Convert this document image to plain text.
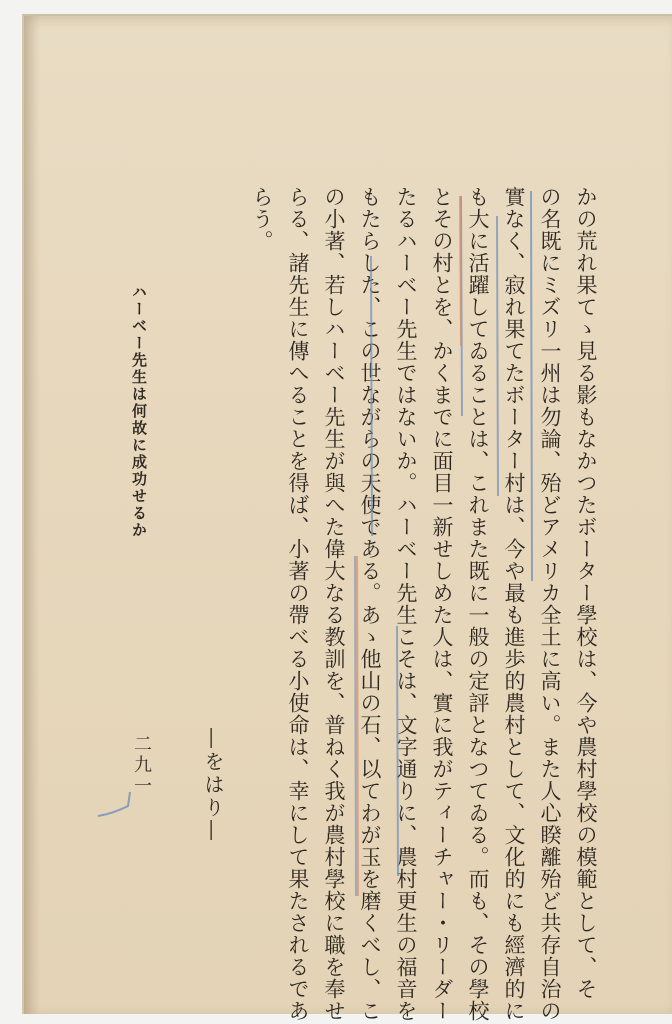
かの荒れ果てゝ見る影もなかつたボーター學校は、今や農村學校の模範として、そ

の名既にミズリ一州は勿論、殆どアメリカ全土に高い。また人心睽離殆ど共存自治の

實なく、寂れ果てたボーター村は、今や最も進歩的農村として、文化的にも經濟的に

も大に活躍してゐることは、これまた既に一般の定評となつてゐる。而も、その學校

とその村とを、かくまでに面目一新せしめた人は、實に我がティーチャー・リーダー

たるハーベー先生ではないか。ハーベー先生こそは、文字通りに、農村更生の福音を

もたらした、この世ながらの天使である。あゝ他山の石、以てわが玉を磨くべし、こ

の小著、若しハーベー先生が與へた偉大なる教訓を、普ねく我が農村學校に職を奉せ

らる、諸先生に傳へることを得ば、小著の帶べる小使命は、幸にして果たされるであ

らう。

―をはり―
ハーベー先生は何故に成功せるか
二九一
